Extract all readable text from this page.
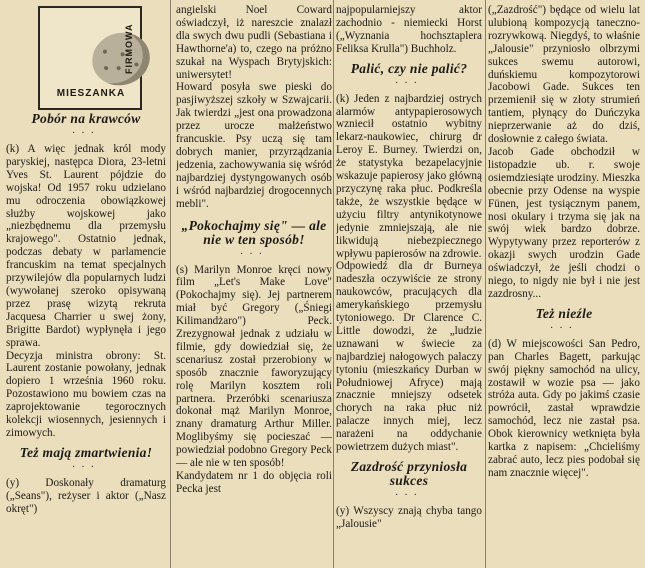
FIRMOWA
MIESZANKA

Pobór na krawców

···

(k) A więc jednak król mody paryskiej, następca Diora, 23-letni Yves St. Laurent pójdzie do wojska! Od 1957 roku udzielano mu odroczenia obowiązkowej służby wojskowej jako „niezbędnemu dla przemysłu krajowego". Ostatnio jednak, podczas debaty w parlamencie francuskim na temat specjalnych przywilejów dla popularnych ludzi (wywołanej szeroko opisywaną przez prasę wizytą rekruta Jacquesa Charrier u swej żony, Brigitte Bardot) wypłynęła i jego sprawa.

Decyzja ministra obrony: St. Laurent zostanie powołany, jednak dopiero 1 września 1960 roku. Pozostawiono mu bowiem czas na zaprojektowanie tegorocznych kolekcji wiosennych, jesiennych i zimowych.

Też mają zmartwienia!

···

(y) Doskonały dramaturg („Seans"), reżyser i aktor („Nasz okręt")

angielski Noel Coward oświadczył, iż nareszcie znalazł dla swych dwu pudli (Sebastiana i Hawthorne'a) to, czego na próżno szukał na Wyspach Brytyjskich: uniwersytet!

Howard posyła swe pieski do pasjiwyższej szkoły w Szwajcarii. Jak twierdzi „jest ona prowadzona przez urocze małżeństwo francuskie. Psy uczą się tam dobrych manier, przyrządzania jedzenia, zachowywania się wśród najbardziej dystyngowanych osób i wśród najbardziej drogocennych mebli".

„Pokochajmy się" — ale nie w ten sposób!

···

(s) Marilyn Monroe kręci nowy film „Let's Make Love" (Pokochajmy się). Jej partnerem miał być Gregory („Śniegi Kilimandżaro") Peck. Zrezygnował jednak z udziału w filmie, gdy dowiedział się, że scenariusz został przerobiony w sposób znacznie faworyzujący rolę Marilyn kosztem roli partnera. Przeróbki scenariusza dokonał mąż Marilyn Monroe, znany dramaturg Arthur Miller. Moglibyśmy się pocieszać — powiedział podobno Gregory Peck — ale nie w ten sposób!

Kandydatem nr 1 do objęcia roli Pecka jest

najpopularniejszy aktor zachodnio - niemiecki Horst („Wyznania hochsztaplera Feliksa Krulla") Buchholz.

Palić, czy nie palić?

···

(k) Jeden z najbardziej ostrych alarmów antypapierosowych wzniecił ostatnio wybitny lekarz-naukowiec, chirurg dr Leroy E. Burney. Twierdzi on, że statystyka bezapelacyjnie wskazuje papierosy jako główną przyczynę raka płuc. Podkreśla także, że wszystkie będące w użyciu filtry antynikotynowe jedynie zmniejszają, ale nie likwidują niebezpiecznego wpływu papierosów na zdrowie.

Odpowiedź dla dr Burneya nadeszła oczywiście ze strony naukowców, pracujących dla amerykańskiego przemysłu tytoniowego. Dr Clarence C. Little dowodzi, że „ludzie uznawani w świecie za najbardziej nałogowych palaczy tytoniu (mieszkańcy Durban w Południowej Afryce) mają znacznie mniejszy odsetek chorych na raka płuc niż palacze innych miej, lecz narażeni na oddychanie powietrzem dużych miast".

Zazdrość przyniosła sukces

···

(y) Wszyscy znają chyba tango „Jalousie"

(„Zazdrość") będące od wielu lat ulubioną kompozycją taneczno-rozrywkową. Niegdyś, to właśnie „Jalousie" przyniosło olbrzymi sukces swemu autorowi, duńskiemu kompozytorowi Jacobowi Gade. Sukces ten przemienił się w złoty strumień tantiem, płynący do Duńczyka nieprzerwanie aż do dziś, dosłownie z całego świata.

Jacob Gade obchodził w listopadzie ub. r. swoje osiemdziesiąte urodziny. Mieszka obecnie przy Odense na wyspie Fünen, jest tysiącznym panem, nosi okulary i trzyma się jak na swój wiek bardzo dobrze. Wypytywany przez reporterów z okazji swych urodzin Gade oświadczył, że jeśli chodzi o niego, to nigdy nie był i nie jest zazdrosny...

Też nieźle

···

(d) W miejscowości San Pedro, pan Charles Bagett, parkując swój piękny samochód na ulicy, zostawił w wozie psa — jako stróża auta. Gdy po jakimś czasie powrócił, zastał wprawdzie samochód, lecz nie zastał psa. Obok kierownicy wetknięta była kartka z napisem: „Chcieliśmy zabrać auto, lecz pies podobał się nam znacznie więcej".
